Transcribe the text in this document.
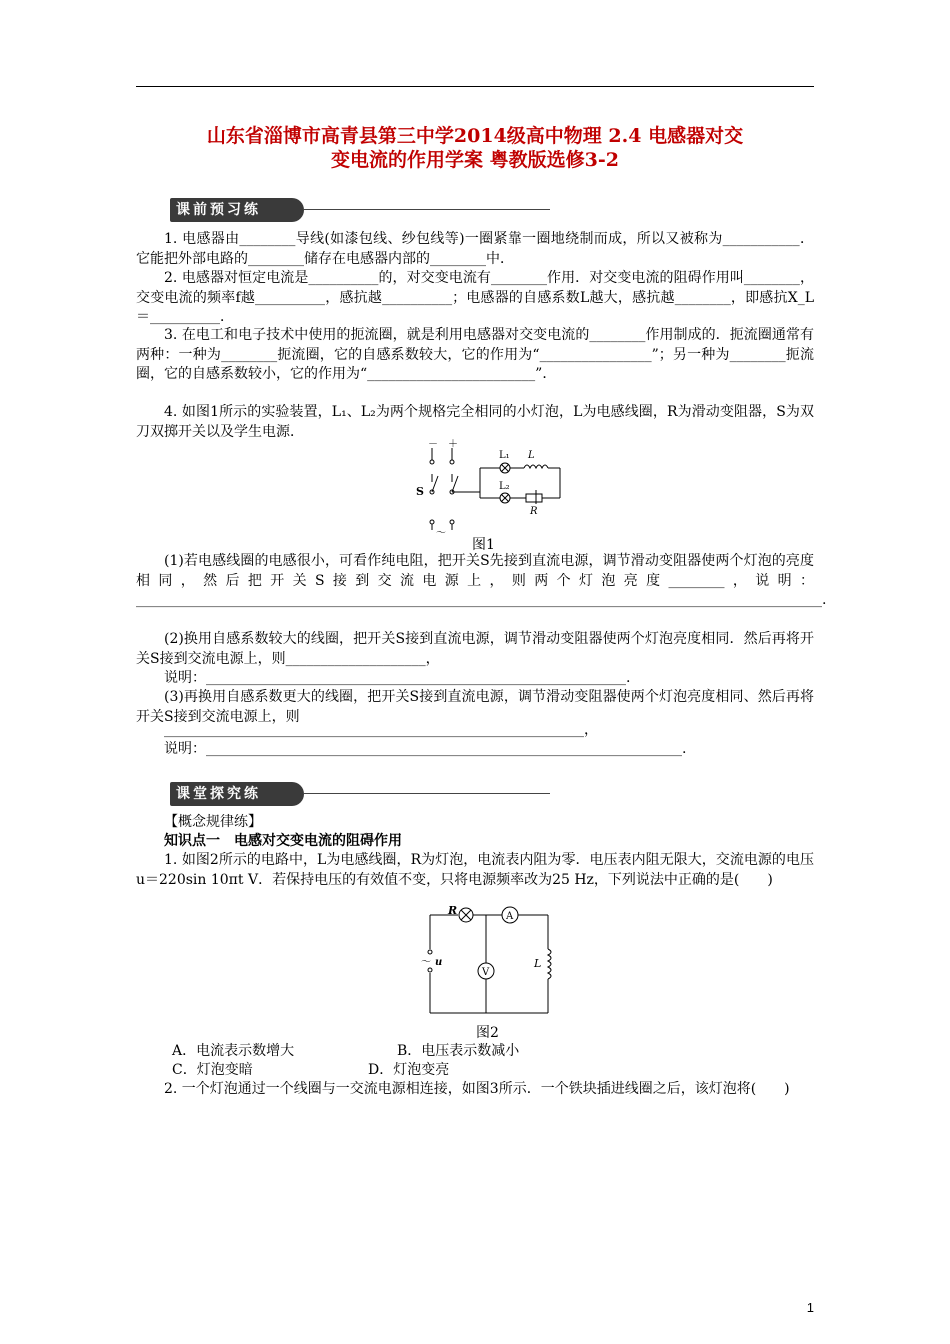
山东省淄博市高青县第三中学2014级高中物理 2.4 电感器对交
变电流的作用学案 粤教版选修3-2
课前预习练
1. 电感器由________导线(如漆包线、纱包线等)一圈紧靠一圈地绕制而成，所以又被称为___________．它能把外部电路的________储存在电感器内部的________中．
2. 电感器对恒定电流是__________的，对交变电流有________作用．对交变电流的阻碍作用叫________，交变电流的频率f越__________，感抗越__________；电感器的自感系数L越大，感抗越________，即感抗X_L＝__________．
3. 在电工和电子技术中使用的扼流圈，就是利用电感器对交变电流的________作用制成的．扼流圈通常有两种：一种为________扼流圈，它的自感系数较大，它的作用为“________________”；另一种为________扼流圈，它的自感系数较小，它的作用为“________________________”．
4. 如图1所示的实验装置，L₁、L₂为两个规格完全相同的小灯泡，L为电感线圈，R为滑动变阻器，S为双刀双掷开关以及学生电源．
－ ＋
L₁ L
L₂
R
S
～
图1
(1)若电感线圈的电感很小，可看作纯电阻，把开关S先接到直流电源，调节滑动变阻器使两个灯泡的亮度相同，然后把开关S接到交流电源上，则两个灯泡亮度________，说明：__________________________________________________________________________________________________.
(2)换用自感系数较大的线圈，把开关S接到直流电源，调节滑动变阻器使两个灯泡亮度相同．然后再将开关S接到交流电源上，则____________________，
说明：____________________________________________________________.
(3)再换用自感系数更大的线圈，把开关S接到直流电源，调节滑动变阻器使两个灯泡亮度相同、然后再将开关S接到交流电源上，则
____________________________________________________________，
说明：____________________________________________________________________.
课堂探究练
【概念规律练】
知识点一　电感对交变电流的阻碍作用
1. 如图2所示的电路中，L为电感线圈，R为灯泡，电流表内阻为零．电压表内阻无限大，交流电源的电压u＝220sin 10πt V．若保持电压的有效值不变，只将电源频率改为25 Hz，下列说法中正确的是(　　)
R	A
V
L
～ u
图2
A．电流表示数增大	B．电压表示数减小
C．灯泡变暗	D．灯泡变亮
2. 一个灯泡通过一个线圈与一交流电源相连接，如图3所示．一个铁块插进线圈之后，该灯泡将(　　)
1
